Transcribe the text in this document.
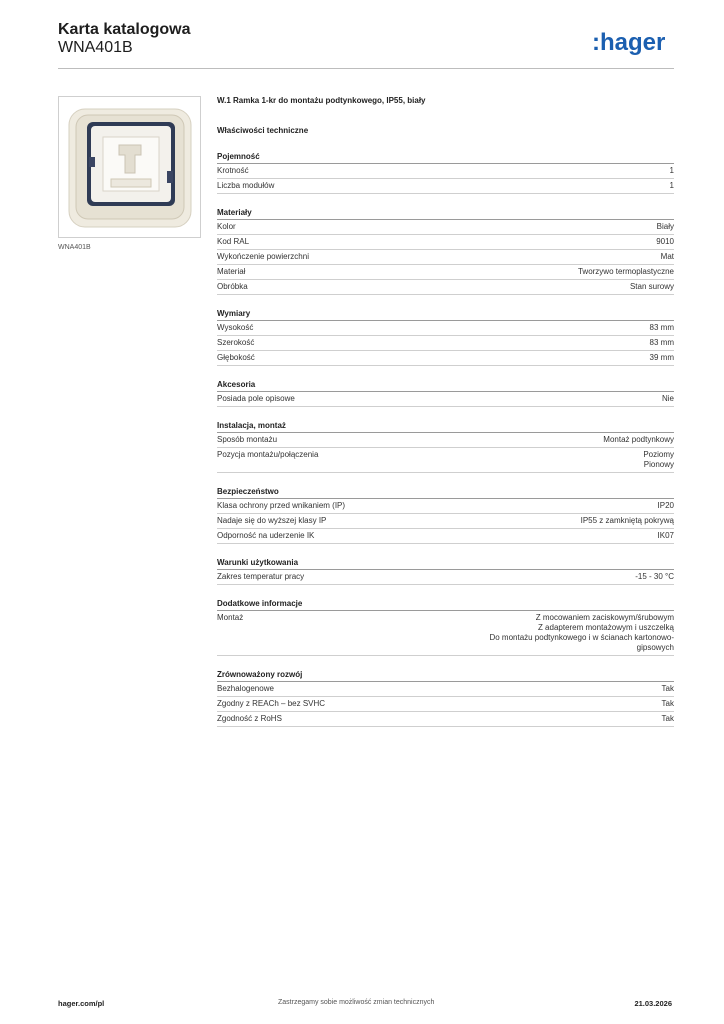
Karta katalogowa
WNA401B	:hager
WNA401B
W.1 Ramka 1-kr do montażu podtynkowego, IP55, biały
Właściwości techniczne
Pojemność
Krotność	1
Liczba modułów	1
Materiały
Kolor	Biały
Kod RAL	9010
Wykończenie powierzchni	Mat
Materiał	Tworzywo termoplastyczne
Obróbka	Stan surowy
Wymiary
Wysokość	83 mm
Szerokość	83 mm
Głębokość	39 mm
Akcesoria
Posiada pole opisowe	Nie
Instalacja, montaż
Sposób montażu	Montaż podtynkowy
Pozycja montażu/połączenia	Poziomy
Pionowy
Bezpieczeństwo
Klasa ochrony przed wnikaniem (IP)	IP20
Nadaje się do wyższej klasy IP	IP55 z zamkniętą pokrywą
Odporność na uderzenie IK	IK07
Warunki użytkowania
Zakres temperatur pracy	-15 - 30 °C
Dodatkowe informacje
Montaż	Z mocowaniem zaciskowym/śrubowym
Z adapterem montażowym i uszczelką
Do montażu podtynkowego i w ścianach kartonowo-
gipsowych
Zrównoważony rozwój
Bezhalogenowe	Tak
Zgodny z REACh – bez SVHC	Tak
Zgodność z RoHS	Tak
hager.com/pl	Zastrzegamy sobie możliwość zmian technicznych	21.03.2026
